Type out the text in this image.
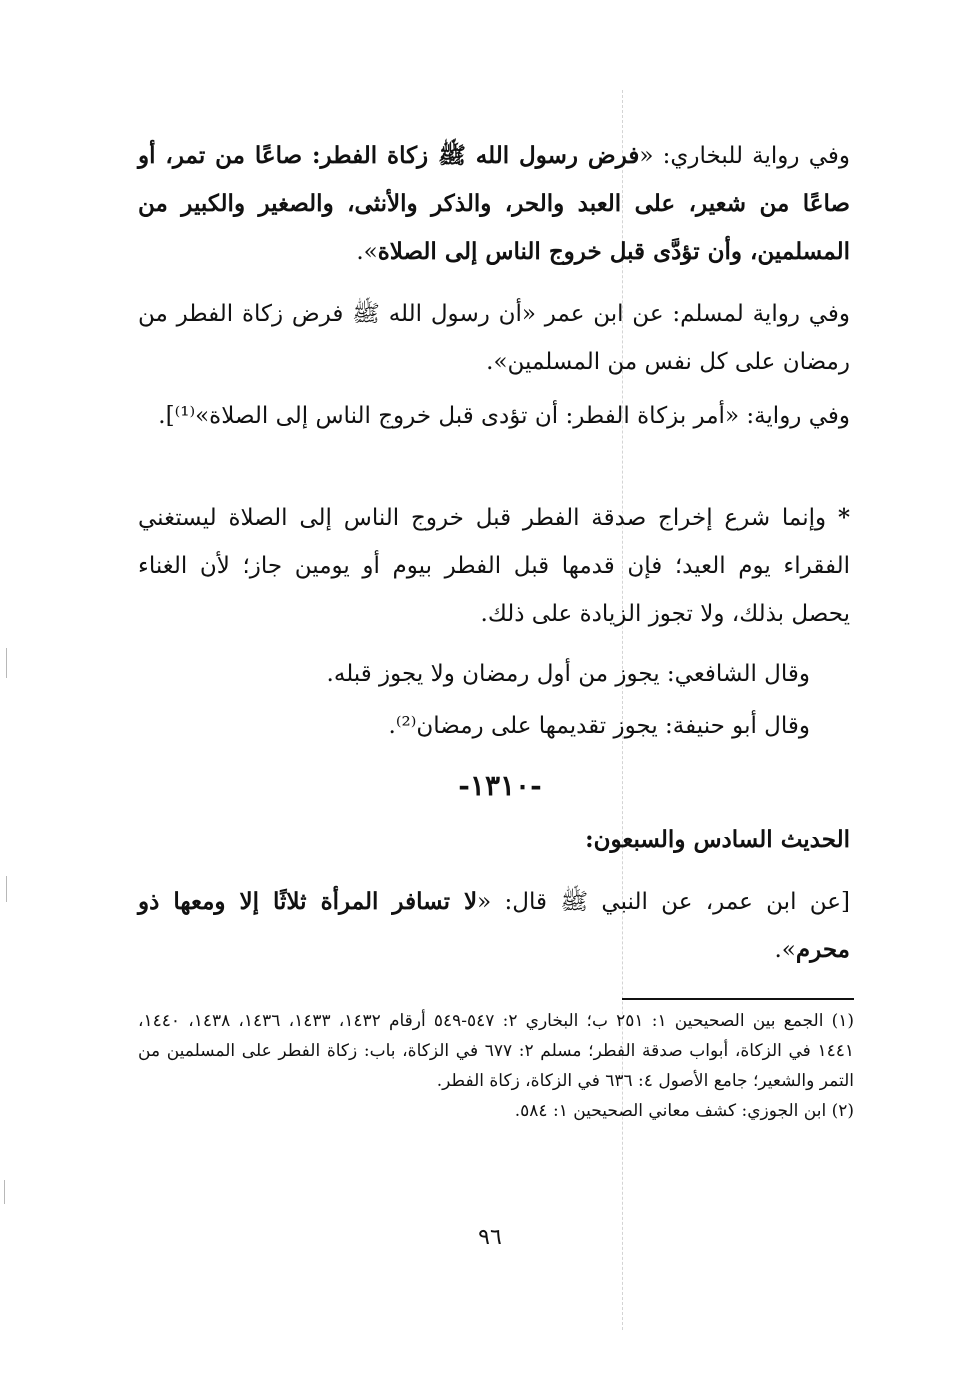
وفي رواية للبخاري: «فرض رسول الله ﷺ زكاة الفطر: صاعًا من تمر، أو صاعًا من شعير، على العبد والحر، والذكر والأنثى، والصغير والكبير من المسلمين، وأن تؤدَّى قبل خروج الناس إلى الصلاة».

وفي رواية لمسلم: عن ابن عمر «أن رسول الله ﷺ فرض زكاة الفطر من رمضان على كل نفس من المسلمين».

وفي رواية: «أمر بزكاة الفطر: أن تؤدى قبل خروج الناس إلى الصلاة»⁽¹⁾].

* وإنما شرع إخراج صدقة الفطر قبل خروج الناس إلى الصلاة ليستغني الفقراء يوم العيد؛ فإن قدمها قبل الفطر بيوم أو يومين جاز؛ لأن الغناء يحصل بذلك، ولا تجوز الزيادة على ذلك.

وقال الشافعي: يجوز من أول رمضان ولا يجوز قبله.

وقال أبو حنيفة: يجوز تقديمها على رمضان⁽²⁾.

-١٣١٠-
الحديث السادس والسبعون:

[عن ابن عمر، عن النبي ﷺ قال: «لا تسافر المرأة ثلاثًا إلا ومعها ذو محرم».

(١) الجمع بين الصحيحين ١: ٢٥١ ب؛ البخاري ٢: ٥٤٧-٥٤٩ أرقام ١٤٣٢، ١٤٣٣، ١٤٣٦، ١٤٣٨، ١٤٤٠، ١٤٤١ في الزكاة، أبواب صدقة الفطر؛ مسلم ٢: ٦٧٧ في الزكاة، باب: زكاة الفطر على المسلمين من التمر والشعير؛ جامع الأصول ٤: ٦٣٦ في الزكاة، زكاة الفطر.
(٢) ابن الجوزي: كشف معاني الصحيحين ١: ٥٨٤.
٩٦
